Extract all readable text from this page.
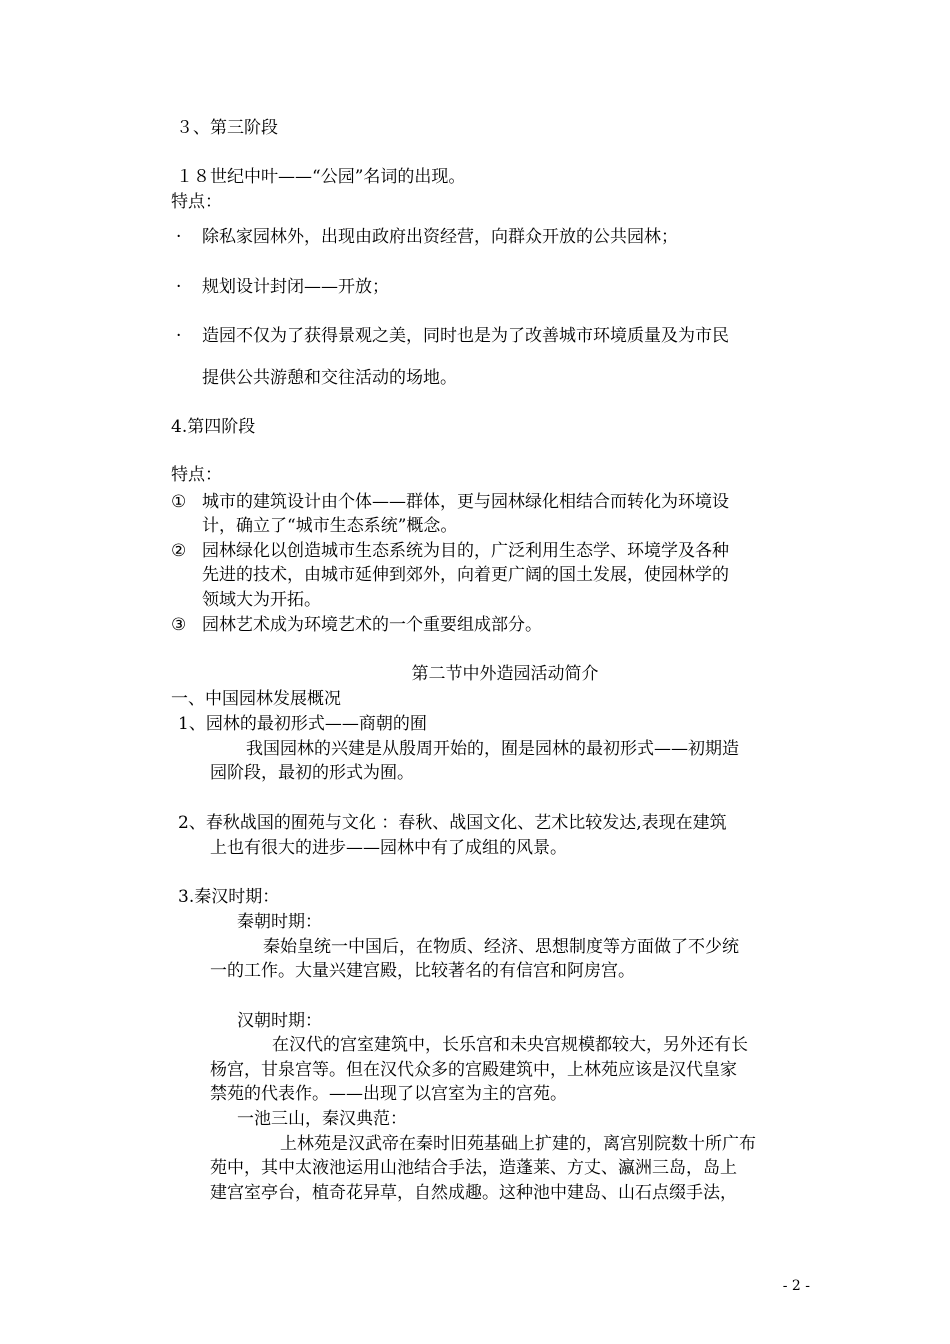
３、第三阶段
１８世纪中叶——“公园”名词的出现。
特点：
· 除私家园林外，出现由政府出资经营，向群众开放的公共园林；
· 规划设计封闭——开放；
· 造园不仅为了获得景观之美，同时也是为了改善城市环境质量及为市民
提供公共游憩和交往活动的场地。
4.第四阶段
特点：
① 城市的建筑设计由个体——群体，更与园林绿化相结合而转化为环境设
计，确立了“城市生态系统”概念。
② 园林绿化以创造城市生态系统为目的，广泛利用生态学、环境学及各种
先进的技术，由城市延伸到郊外，向着更广阔的国土发展，使园林学的
领域大为开拓。
③ 园林艺术成为环境艺术的一个重要组成部分。
第二节中外造园活动简介
一、中国园林发展概况
1、园林的最初形式——商朝的囿
我国园林的兴建是从殷周开始的，囿是园林的最初形式——初期造
园阶段，最初的形式为囿。
2、春秋战国的囿苑与文化 ：春秋、战国文化、艺术比较发达,表现在建筑
上也有很大的进步——园林中有了成组的风景。
3.秦汉时期：
秦朝时期：
秦始皇统一中国后，在物质、经济、思想制度等方面做了不少统
一的工作。大量兴建宫殿，比较著名的有信宫和阿房宫。
汉朝时期：
在汉代的宫室建筑中，长乐宫和未央宫规模都较大，另外还有长
杨宫，甘泉宫等。但在汉代众多的宫殿建筑中，上林苑应该是汉代皇家
禁苑的代表作。——出现了以宫室为主的宫苑。
一池三山，秦汉典范：
上林苑是汉武帝在秦时旧苑基础上扩建的，离宫别院数十所广布
苑中，其中太液池运用山池结合手法，造蓬莱、方丈、瀛洲三岛，岛上
建宫室亭台，植奇花异草，自然成趣。这种池中建岛、山石点缀手法，
- 2 -
